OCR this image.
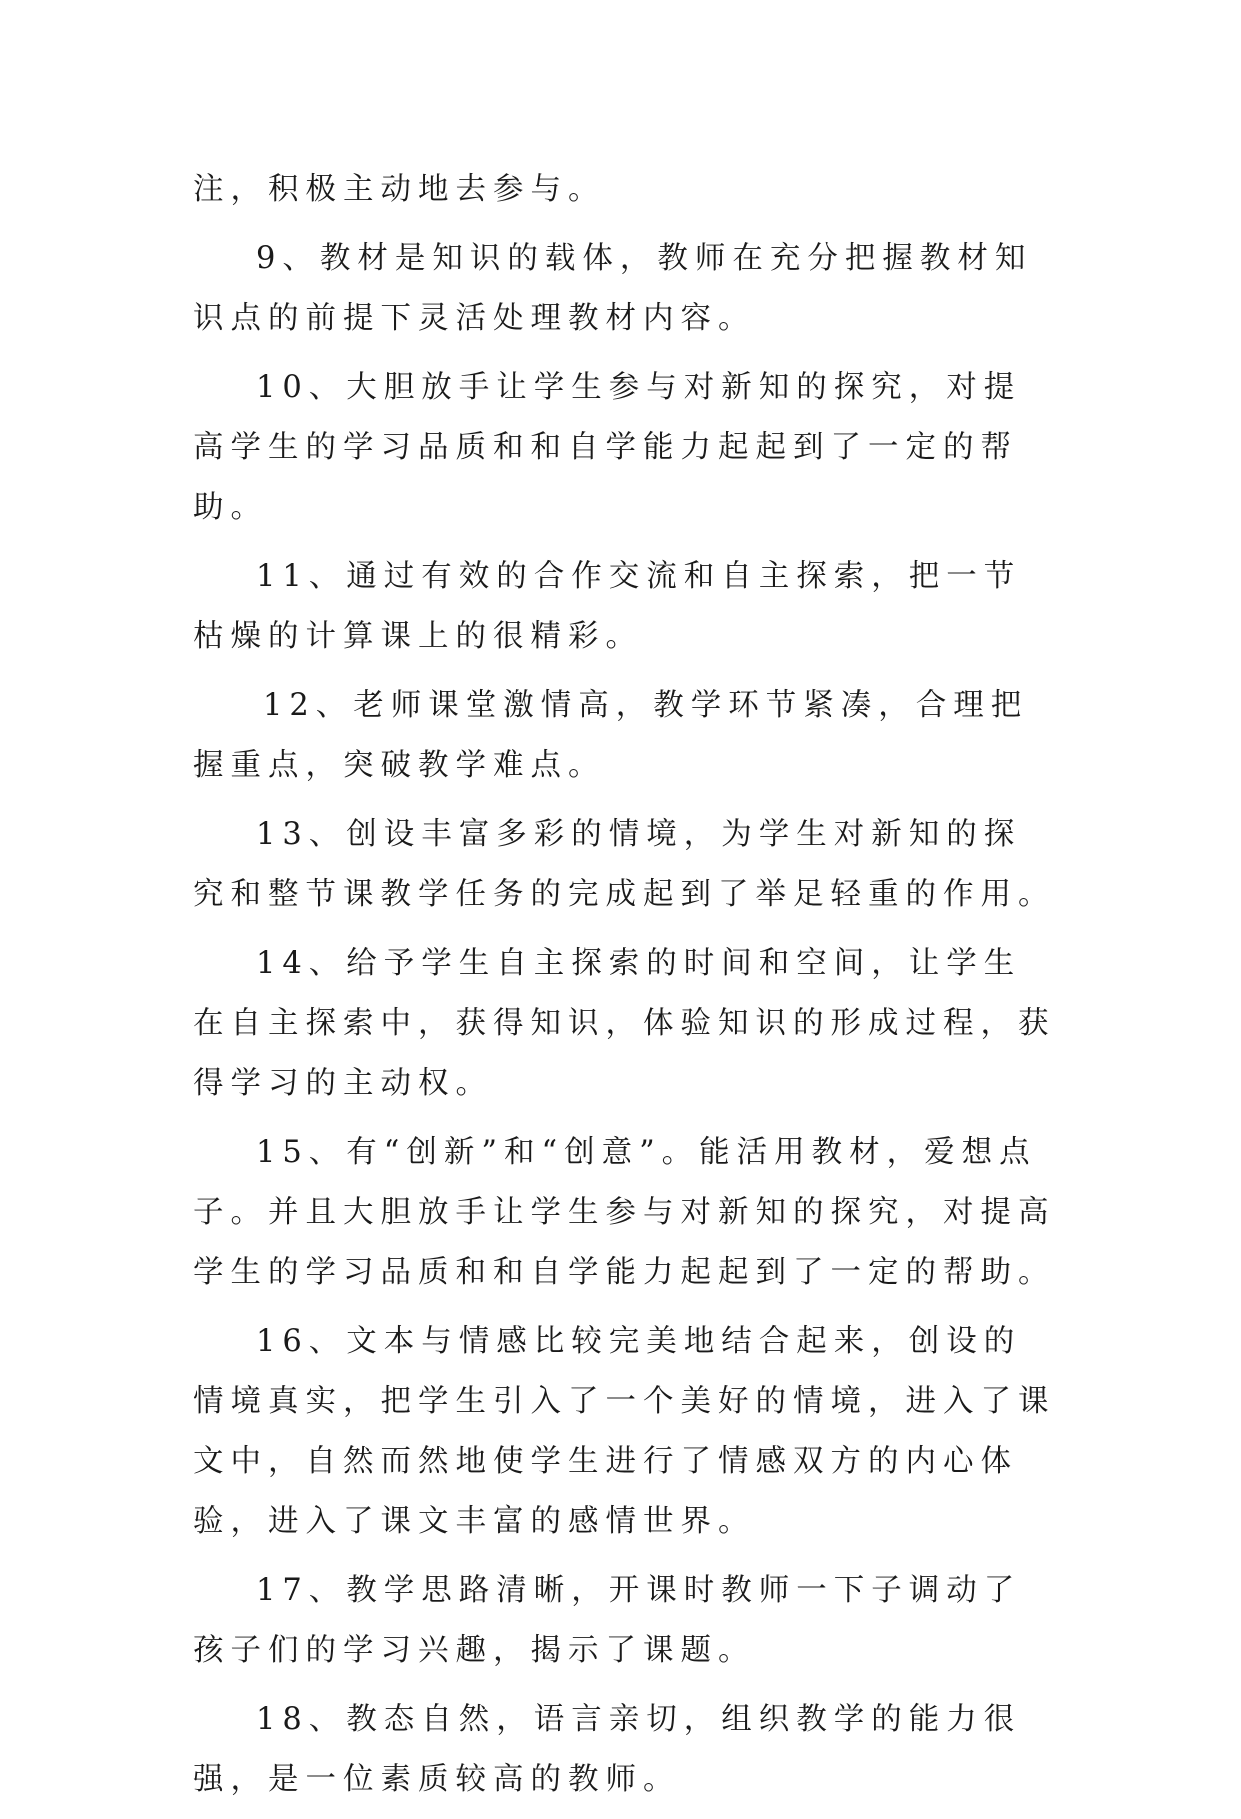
注，积极主动地去参与。

9、教材是知识的载体，教师在充分把握教材知识点的前提下灵活处理教材内容。

10、大胆放手让学生参与对新知的探究，对提高学生的学习品质和和自学能力起起到了一定的帮助。

11、通过有效的合作交流和自主探索，把一节枯燥的计算课上的很精彩。

12、老师课堂激情高，教学环节紧凑，合理把握重点，突破教学难点。

13、创设丰富多彩的情境，为学生对新知的探究和整节课教学任务的完成起到了举足轻重的作用。

14、给予学生自主探索的时间和空间，让学生在自主探索中，获得知识，体验知识的形成过程，获得学习的主动权。

15、有“创新”和“创意”。能活用教材，爱想点子。并且大胆放手让学生参与对新知的探究，对提高学生的学习品质和和自学能力起起到了一定的帮助。

16、文本与情感比较完美地结合起来，创设的情境真实，把学生引入了一个美好的情境，进入了课文中，自然而然地使学生进行了情感双方的内心体验，进入了课文丰富的感情世界。

17、教学思路清晰，开课时教师一下子调动了孩子们的学习兴趣，揭示了课题。

18、教态自然，语言亲切，组织教学的能力很强，是一位素质较高的教师。
